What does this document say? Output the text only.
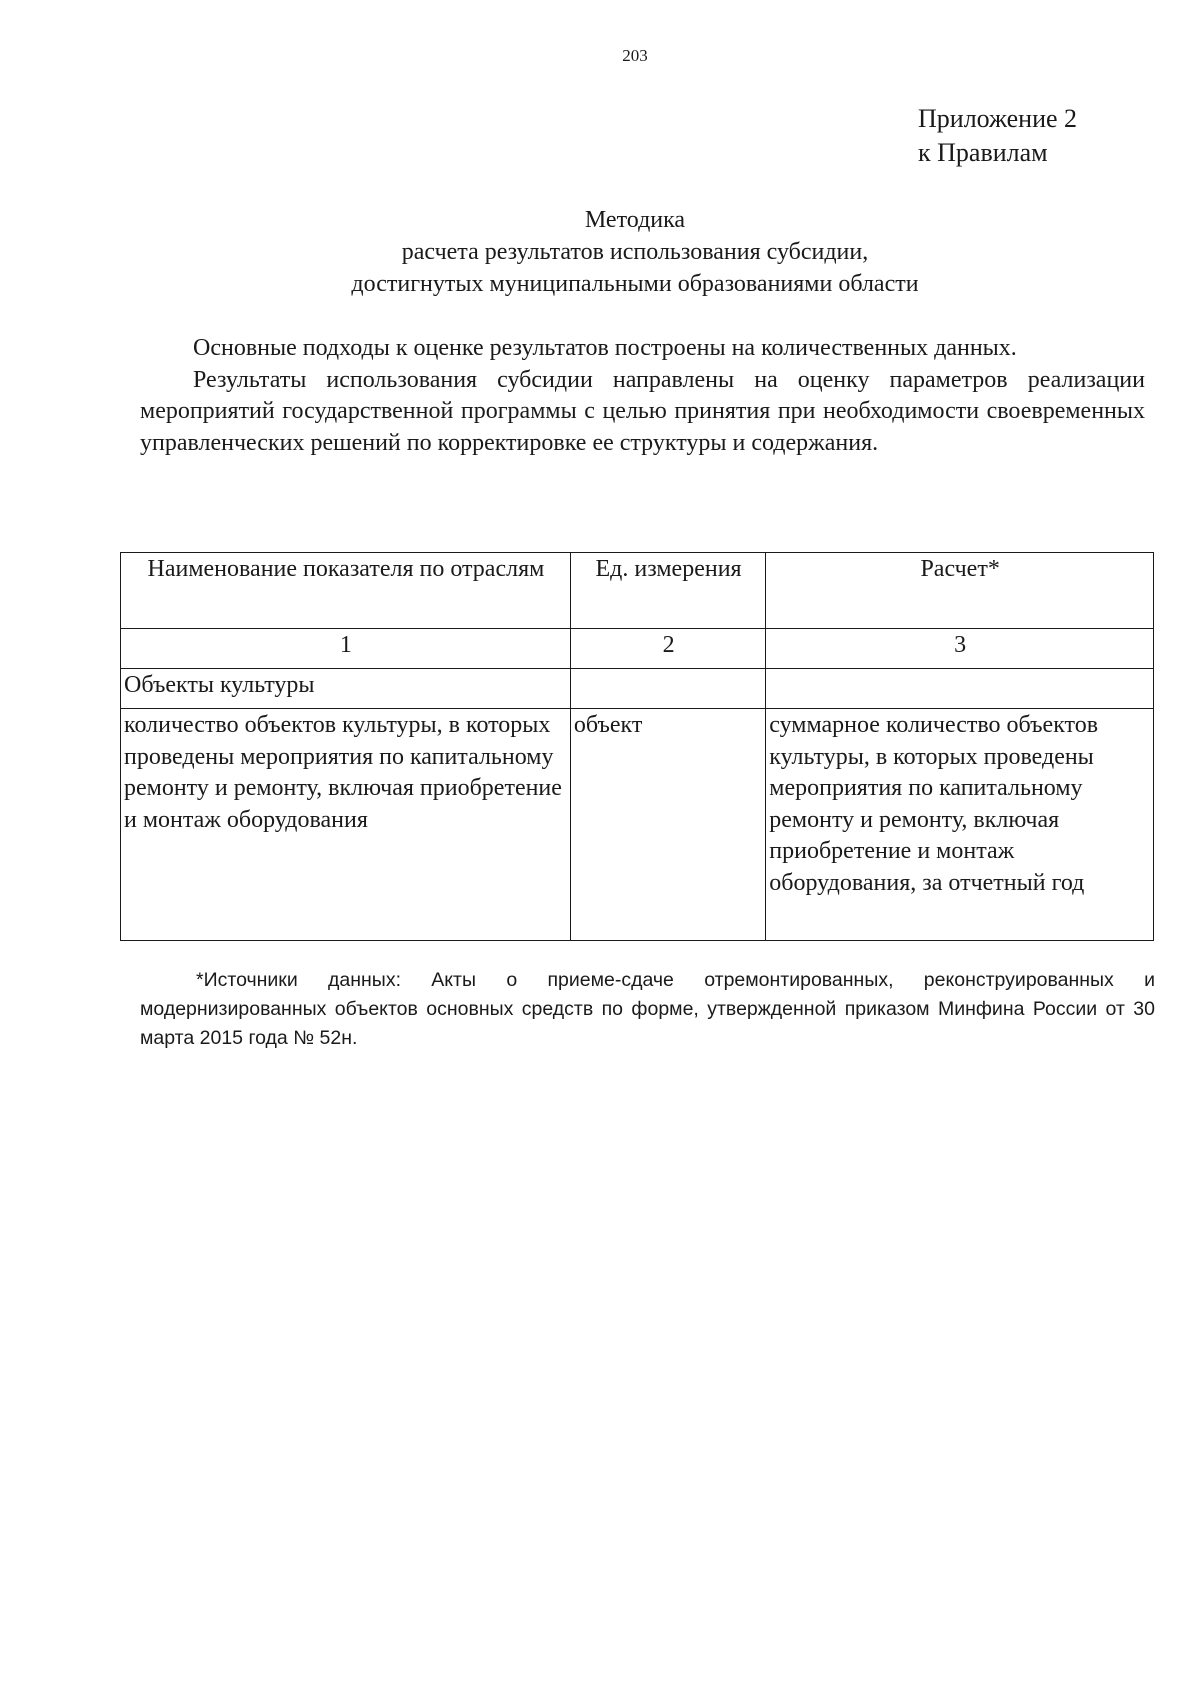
203
Приложение 2
к Правилам
Методика
расчета результатов использования субсидии,
достигнутых муниципальными образованиями области

Основные подходы к оценке результатов построены на количественных данных.

Результаты использования субсидии направлены на оценку параметров реализации мероприятий государственной программы с целью принятия при необходимости своевременных управленческих решений по корректировке ее структуры и содержания.

Наименование показателя по отраслям	Ед. измерения	Расчет*
1	2	3
Объекты культуры		
количество объектов культуры, в которых проведены мероприятия по капитальному ремонту и ремонту, включая приобретение и монтаж оборудования	объект	суммарное количество объектов культуры, в которых проведены мероприятия по капитальному ремонту и ремонту, включая приобретение и монтаж оборудования, за отчетный год

*Источники данных: Акты о приеме-сдаче отремонтированных, реконструированных и модернизированных объектов основных средств по форме, утвержденной приказом Минфина России от 30 марта 2015 года № 52н.
